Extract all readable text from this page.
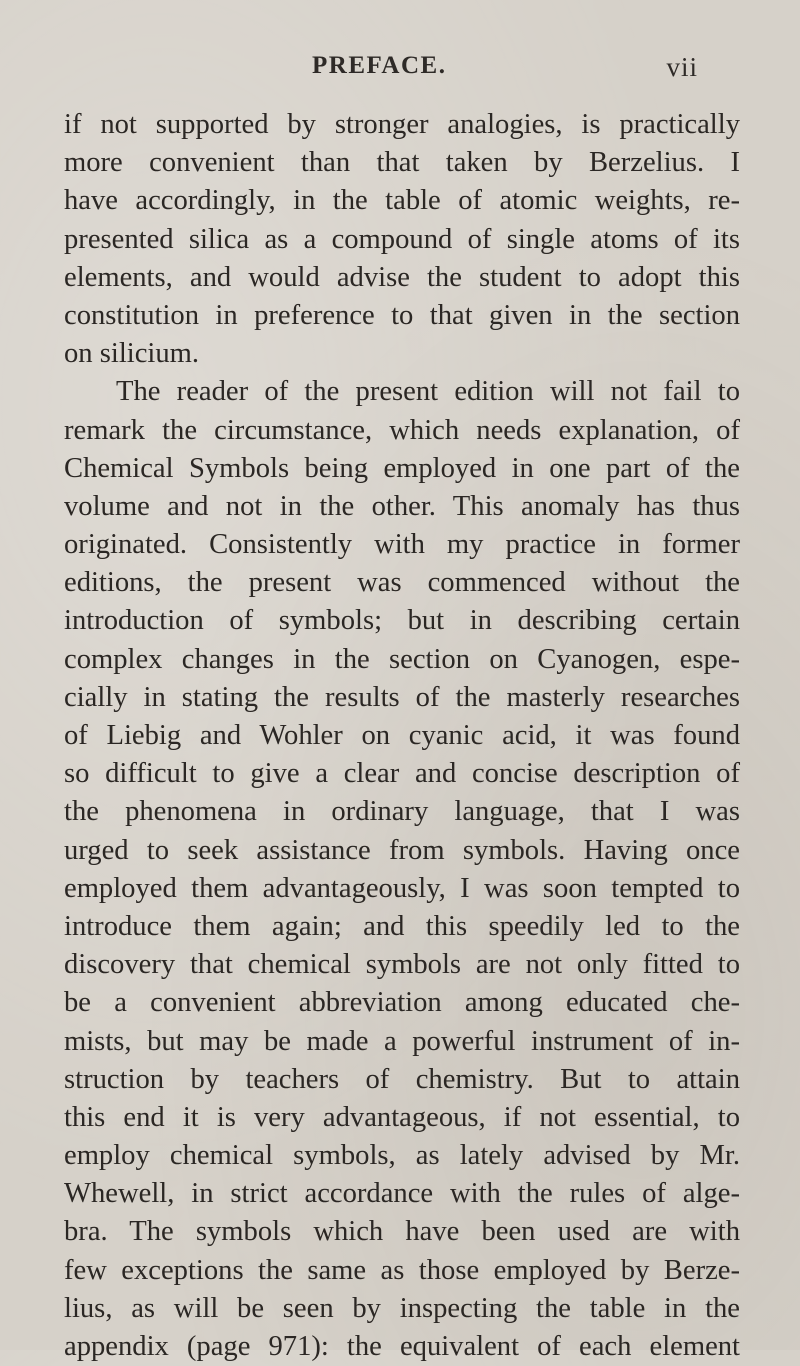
PREFACE.	vii
if not supported by stronger analogies, is practically
more convenient than that taken by Berzelius. I
have accordingly, in the table of atomic weights, re-
presented silica as a compound of single atoms of its
elements, and would advise the student to adopt this
constitution in preference to that given in the section
on silicium.
The reader of the present edition will not fail to
remark the circumstance, which needs explanation, of
Chemical Symbols being employed in one part of the
volume and not in the other. This anomaly has thus
originated. Consistently with my practice in former
editions, the present was commenced without the
introduction of symbols; but in describing certain
complex changes in the section on Cyanogen, espe-
cially in stating the results of the masterly researches
of Liebig and Wohler on cyanic acid, it was found
so difficult to give a clear and concise description of
the phenomena in ordinary language, that I was
urged to seek assistance from symbols. Having once
employed them advantageously, I was soon tempted to
introduce them again; and this speedily led to the
discovery that chemical symbols are not only fitted to
be a convenient abbreviation among educated che-
mists, but may be made a powerful instrument of in-
struction by teachers of chemistry. But to attain
this end it is very advantageous, if not essential, to
employ chemical symbols, as lately advised by Mr.
Whewell, in strict accordance with the rules of alge-
bra. The symbols which have been used are with
few exceptions the same as those employed by Berze-
lius, as will be seen by inspecting the table in the
appendix (page 971): the equivalent of each element
